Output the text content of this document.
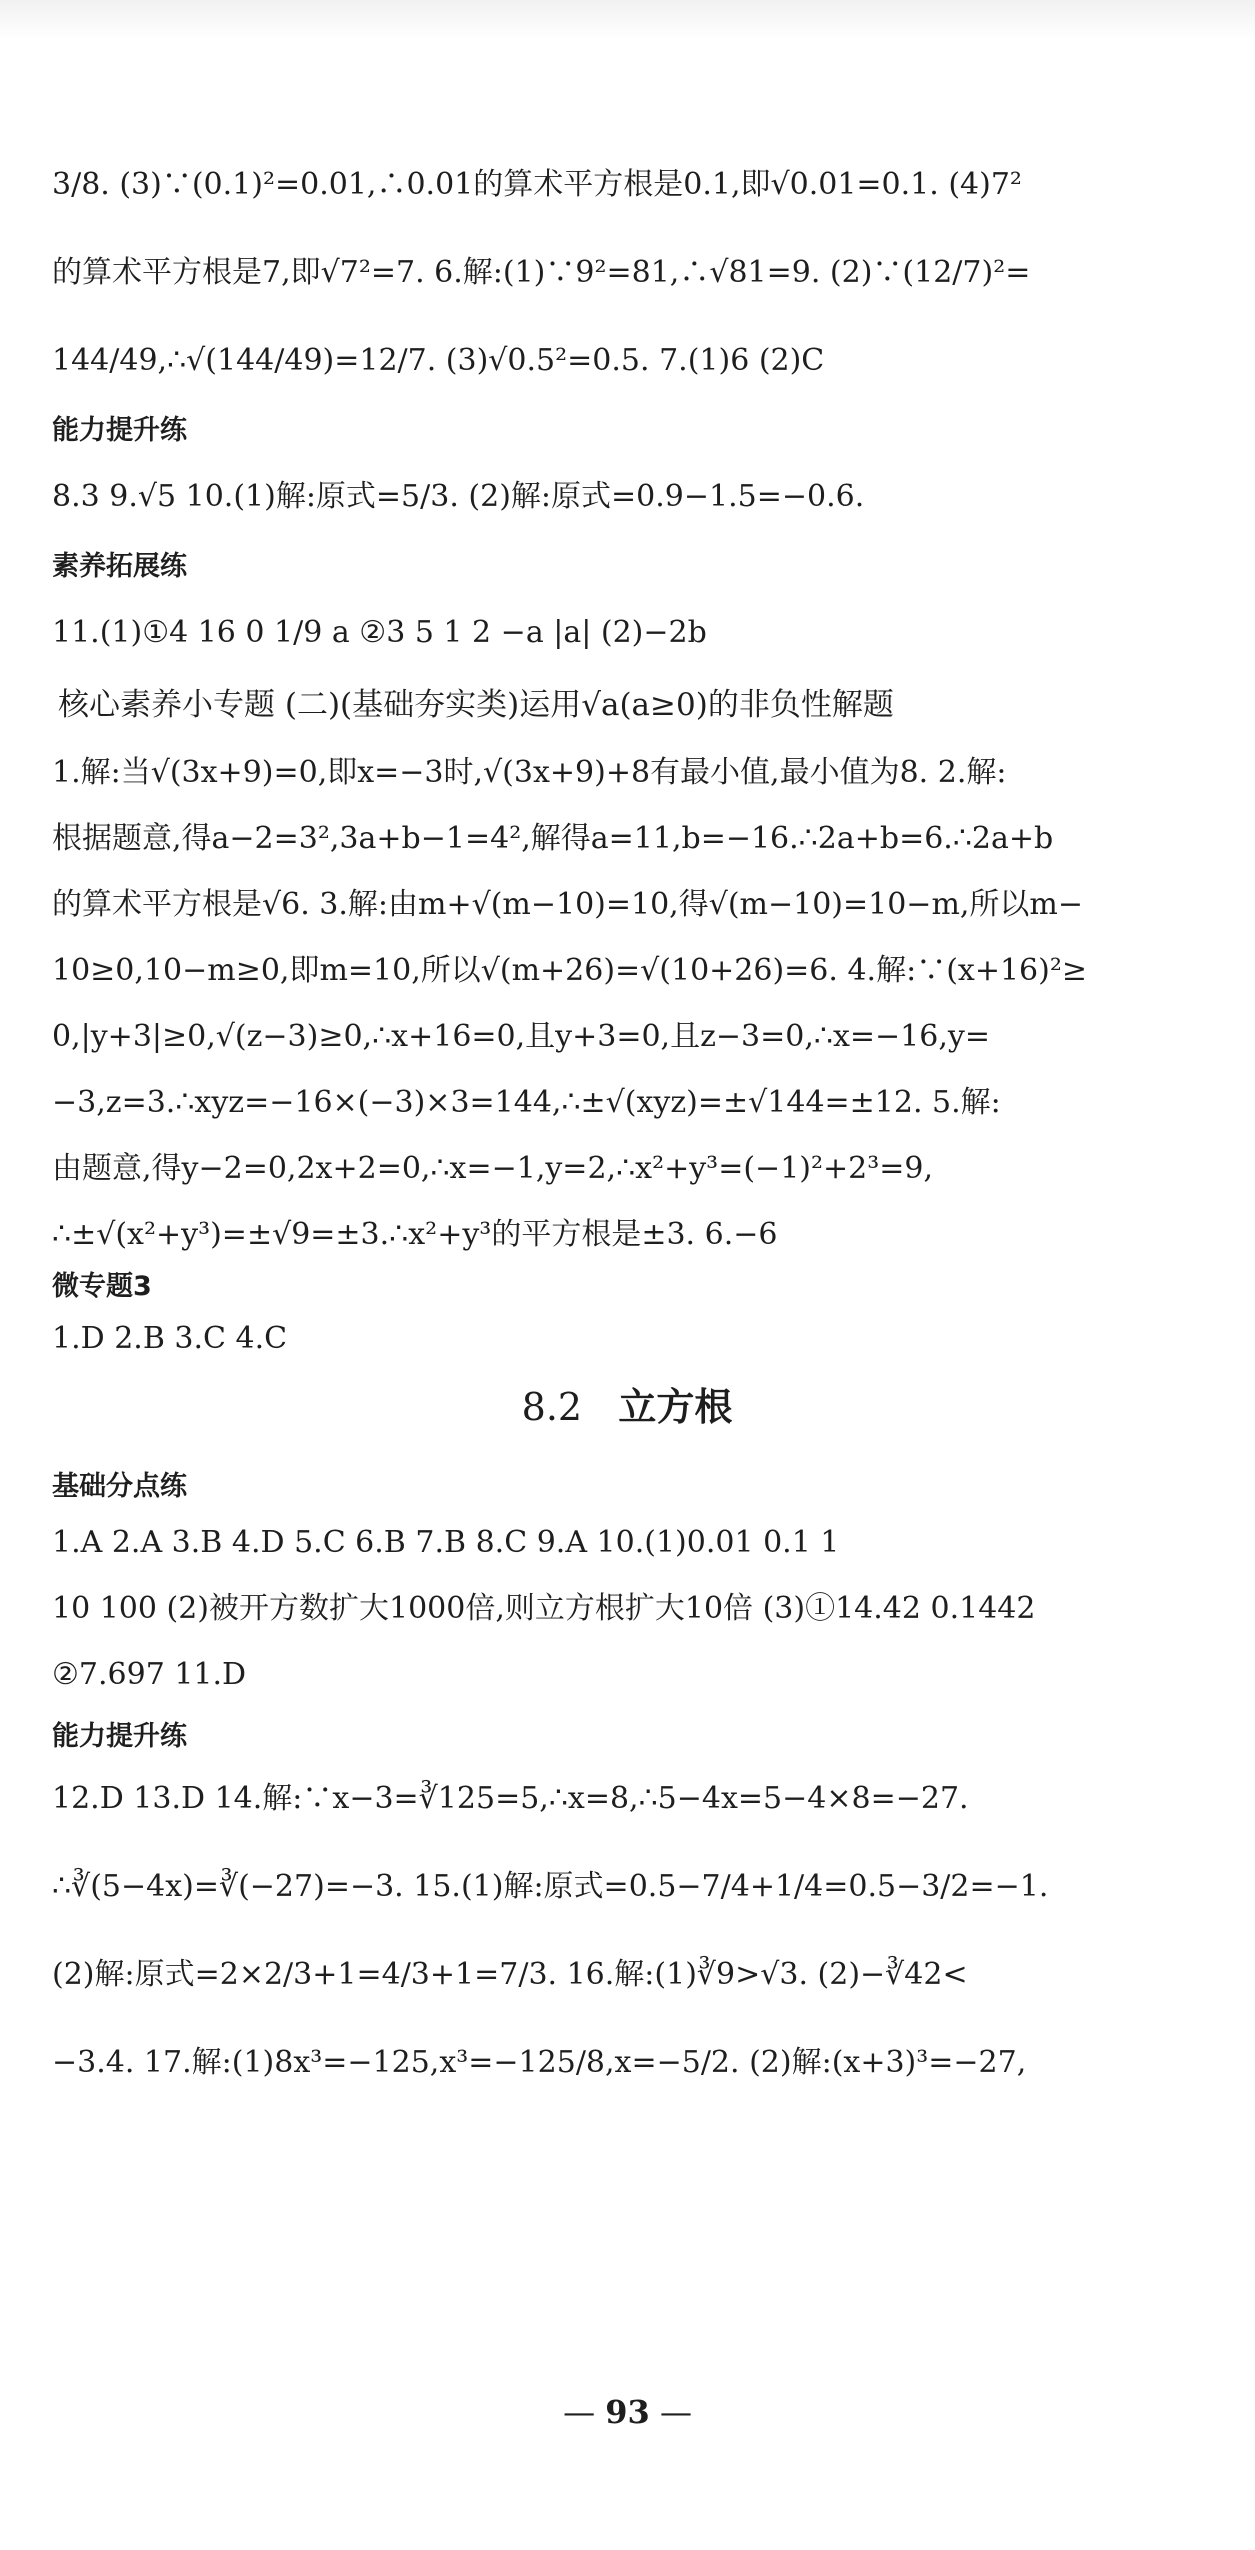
3/8. (3)∵(0.1)²=0.01,∴0.01的算术平方根是0.1,即√0.01=0.1. (4)7²
的算术平方根是7,即√7²=7. 6.解:(1)∵9²=81,∴√81=9. (2)∵(12/7)²=
144/49,∴√(144/49)=12/7. (3)√0.5²=0.5. 7.(1)6 (2)C
能力提升练
8.3 9.√5 10.(1)解:原式=5/3. (2)解:原式=0.9−1.5=−0.6.
素养拓展练
11.(1)①4 16 0 1/9 a ②3 5 1 2 −a |a| (2)−2b
核心素养小专题 (二)(基础夯实类)运用√a(a≥0)的非负性解题
1.解:当√(3x+9)=0,即x=−3时,√(3x+9)+8有最小值,最小值为8. 2.解:
根据题意,得a−2=3²,3a+b−1=4²,解得a=11,b=−16.∴2a+b=6.∴2a+b
的算术平方根是√6. 3.解:由m+√(m−10)=10,得√(m−10)=10−m,所以m−
10≥0,10−m≥0,即m=10,所以√(m+26)=√(10+26)=6. 4.解:∵(x+16)²≥
0,|y+3|≥0,√(z−3)≥0,∴x+16=0,且y+3=0,且z−3=0,∴x=−16,y=
−3,z=3.∴xyz=−16×(−3)×3=144,∴±√(xyz)=±√144=±12. 5.解:
由题意,得y−2=0,2x+2=0,∴x=−1,y=2,∴x²+y³=(−1)²+2³=9,
∴±√(x²+y³)=±√9=±3.∴x²+y³的平方根是±3. 6.−6
微专题3
1.D 2.B 3.C 4.C
8.2 立方根
基础分点练
1.A 2.A 3.B 4.D 5.C 6.B 7.B 8.C 9.A 10.(1)0.01 0.1 1
10 100 (2)被开方数扩大1000倍,则立方根扩大10倍 (3)①14.42 0.1442
②7.697 11.D
能力提升练
12.D 13.D 14.解:∵x−3=∛125=5,∴x=8,∴5−4x=5−4×8=−27.
∴∛(5−4x)=∛(−27)=−3. 15.(1)解:原式=0.5−7/4+1/4=0.5−3/2=−1.
(2)解:原式=2×2/3+1=4/3+1=7/3. 16.解:(1)∛9>√3. (2)−∛42<
−3.4. 17.解:(1)8x³=−125,x³=−125/8,x=−5/2. (2)解:(x+3)³=−27,
— 93 —
